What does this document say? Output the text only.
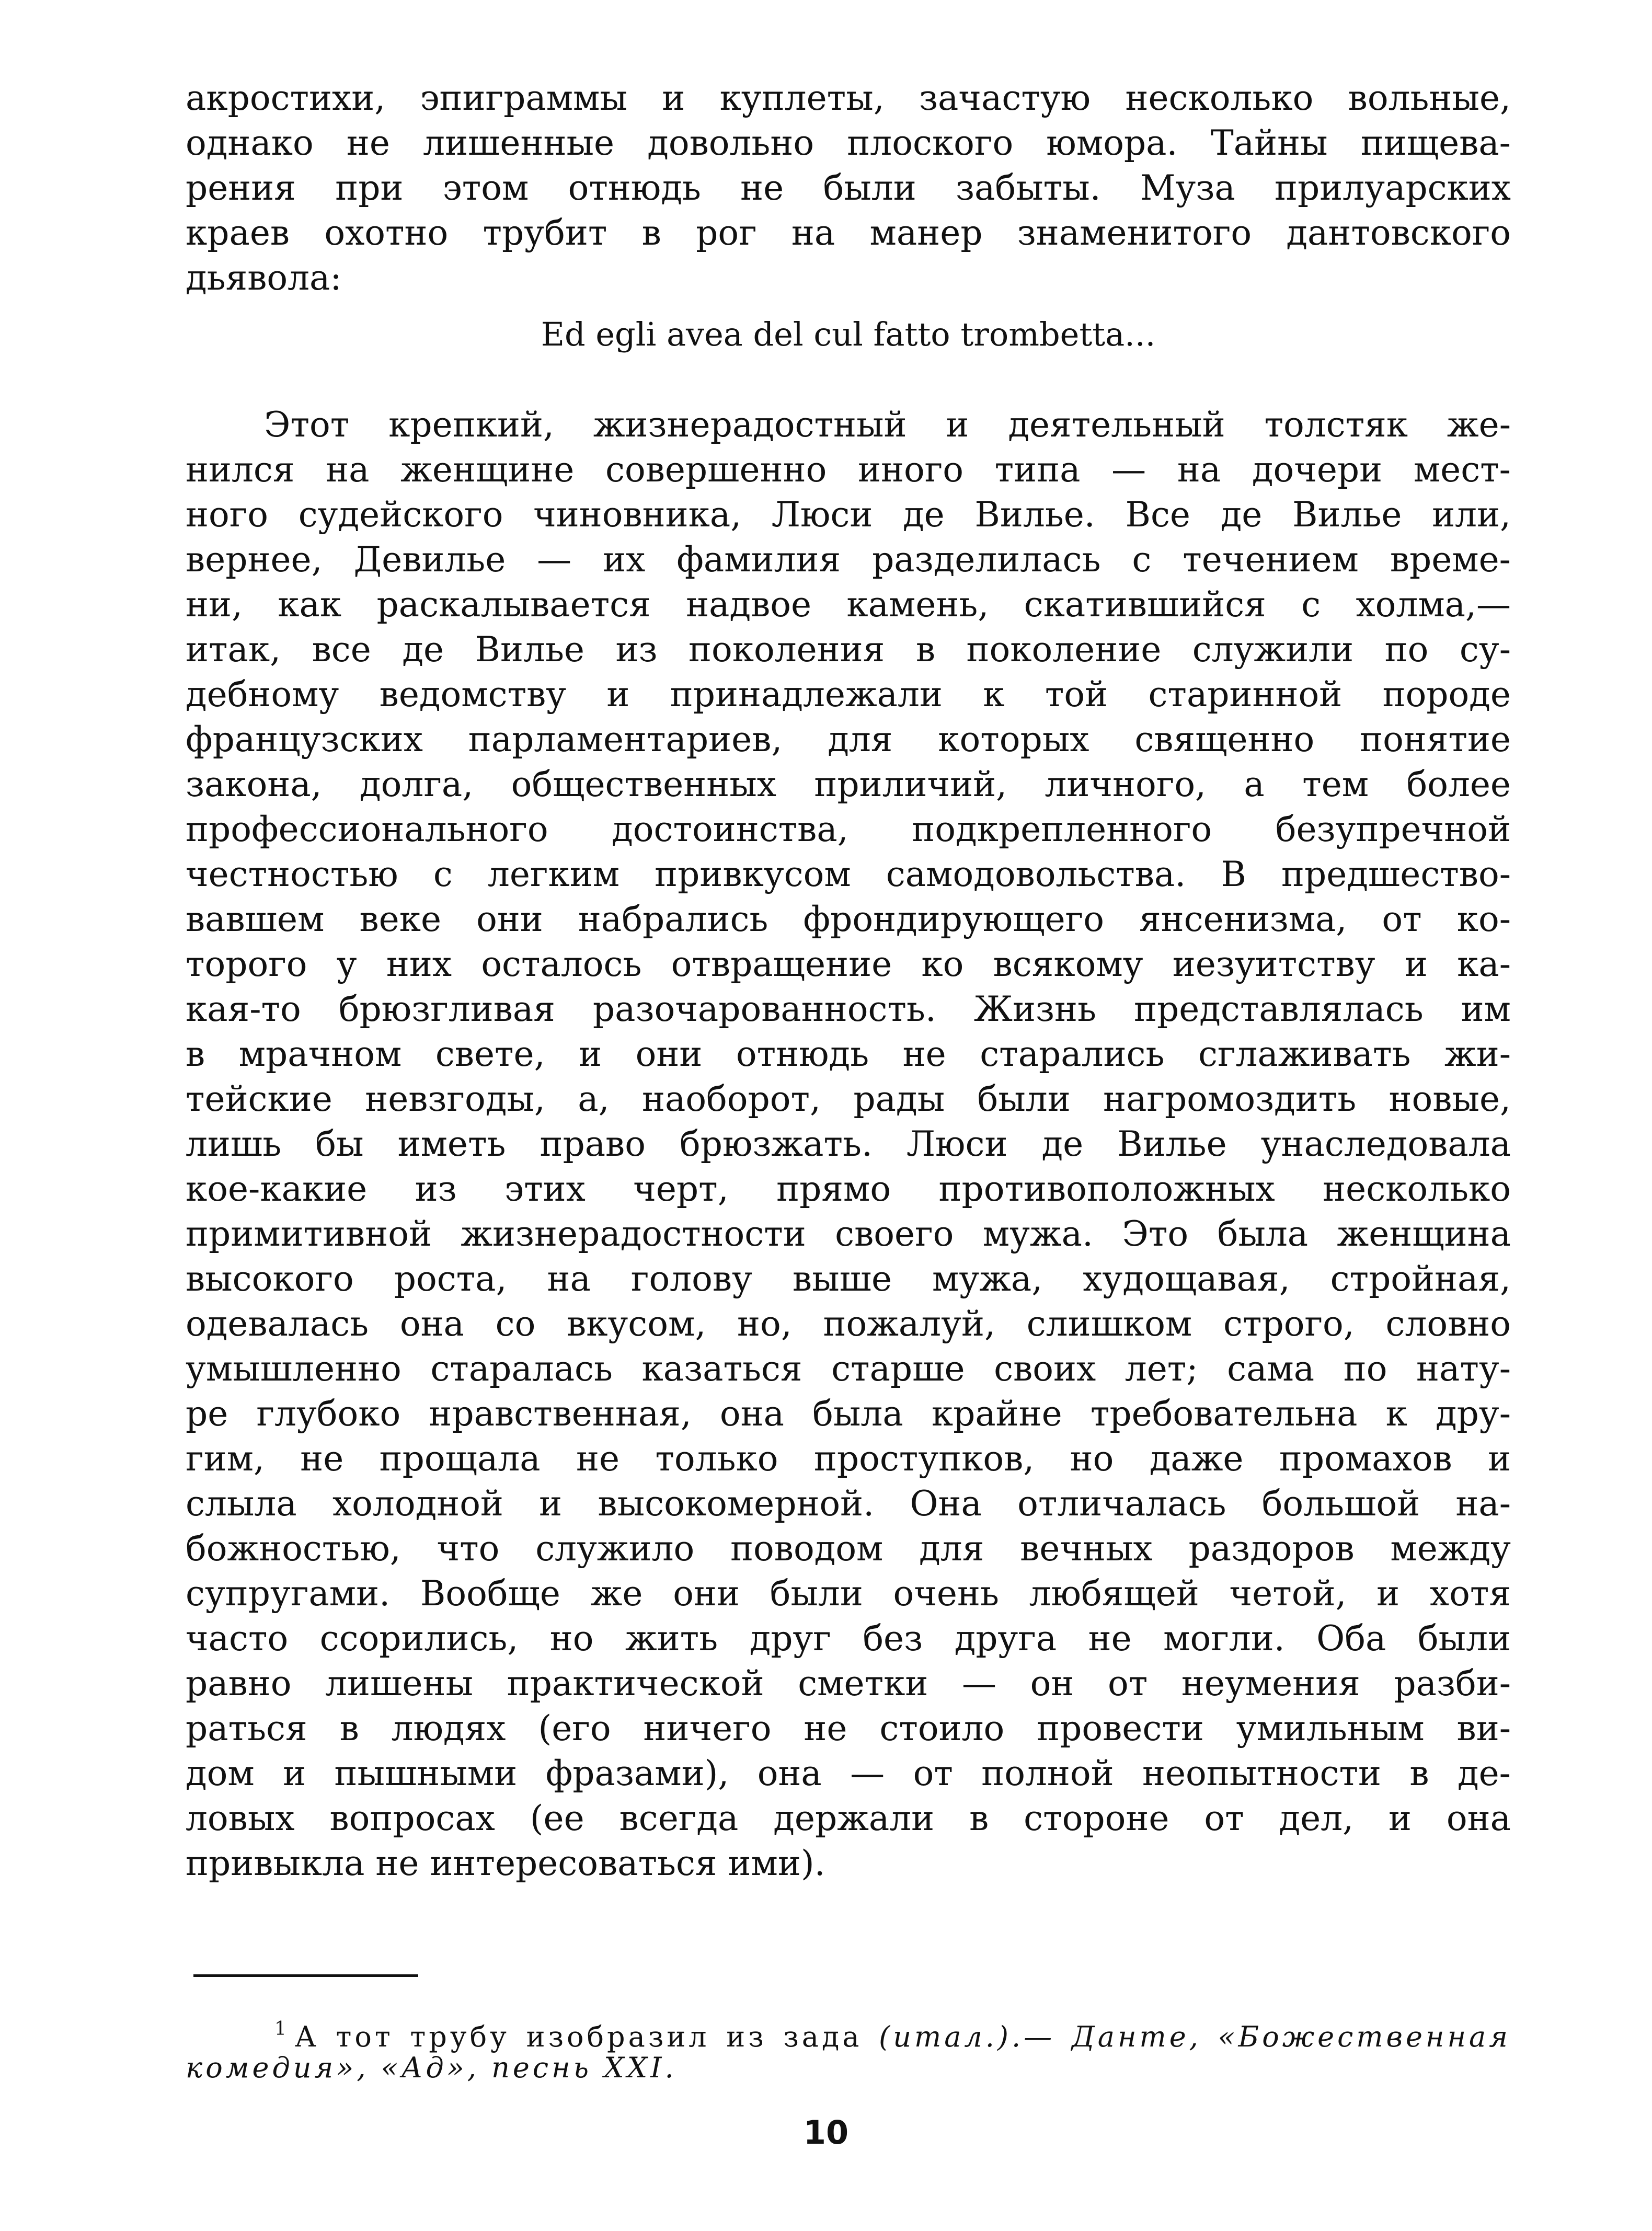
акростихи, эпиграммы и куплеты, зачастую несколько вольные,
однако не лишенные довольно плоского юмора. Тайны пищева-
рения при этом отнюдь не были забыты. Муза прилуарских
краев охотно трубит в рог на манер знаменитого дантовского
дьявола:
Ed egli avea del cul fatto trombetta...
Этот крепкий, жизнерадостный и деятельный толстяк же-
нился на женщине совершенно иного типа — на дочери мест-
ного судейского чиновника, Люси де Вилье. Все де Вилье или,
вернее, Девилье — их фамилия разделилась с течением време-
ни, как раскалывается надвое камень, скатившийся с холма,—
итак, все де Вилье из поколения в поколение служили по су-
дебному ведомству и принадлежали к той старинной породе
французских парламентариев, для которых священно понятие
закона, долга, общественных приличий, личного, а тем более
профессионального достоинства, подкрепленного безупречной
честностью с легким привкусом самодовольства. В предшество-
вавшем веке они набрались фрондирующего янсенизма, от ко-
торого у них осталось отвращение ко всякому иезуитству и ка-
кая-то брюзгливая разочарованность. Жизнь представлялась им
в мрачном свете, и они отнюдь не старались сглаживать жи-
тейские невзгоды, а, наоборот, рады были нагромоздить новые,
лишь бы иметь право брюзжать. Люси де Вилье унаследовала
кое-какие из этих черт, прямо противоположных несколько
примитивной жизнерадостности своего мужа. Это была женщина
высокого роста, на голову выше мужа, худощавая, стройная,
одевалась она со вкусом, но, пожалуй, слишком строго, словно
умышленно старалась казаться старше своих лет; сама по нату-
ре глубоко нравственная, она была крайне требовательна к дру-
гим, не прощала не только проступков, но даже промахов и
слыла холодной и высокомерной. Она отличалась большой на-
божностью, что служило поводом для вечных раздоров между
супругами. Вообще же они были очень любящей четой, и хотя
часто ссорились, но жить друг без друга не могли. Оба были
равно лишены практической сметки — он от неумения разби-
раться в людях (его ничего не стоило провести умильным ви-
дом и пышными фразами), она — от полной неопытности в де-
ловых вопросах (ее всегда держали в стороне от дел, и она
привыкла не интересоваться ими).
$^1$ А тот трубу изобразил из зада (итал.).— Данте, «Божественная
комедия», «Ад», песнь XXI.
10
